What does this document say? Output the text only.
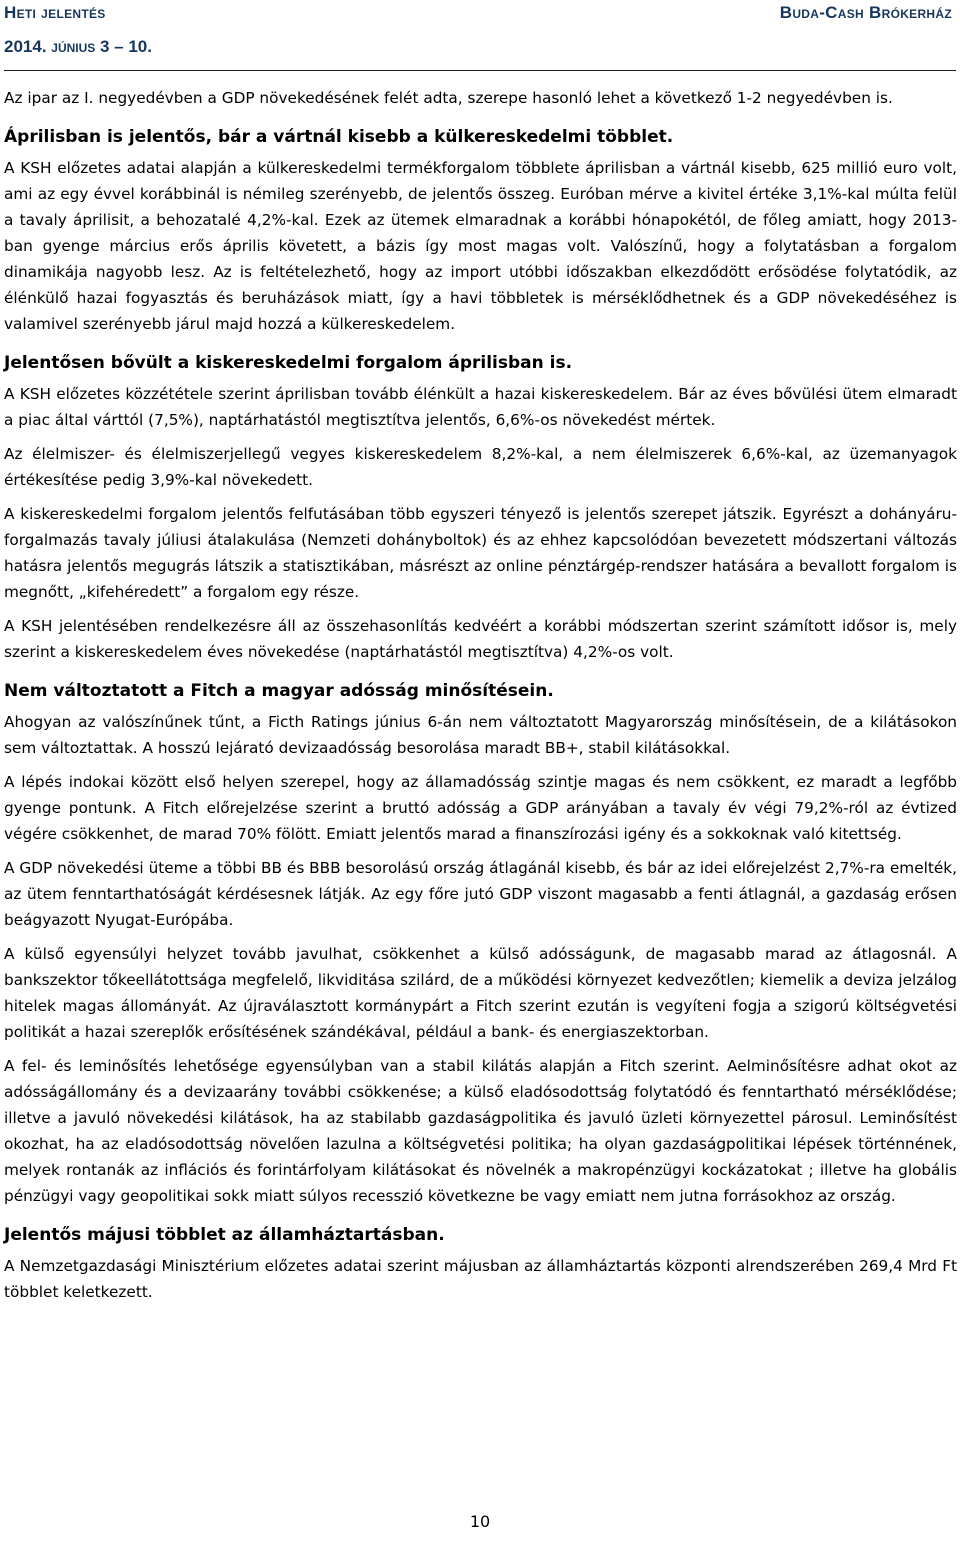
Heti jelentés
2014. június 3 – 10.
Buda-Cash Brókerház

Az ipar az I. negyedévben a GDP növekedésének felét adta, szerepe hasonló lehet a következő 1-2 negyedévben is.

Áprilisban is jelentős, bár a vártnál kisebb a külkereskedelmi többlet.

A KSH előzetes adatai alapján a külkereskedelmi termékforgalom többlete áprilisban a vártnál kisebb, 625 millió euro volt, ami az egy évvel korábbinál is némileg szerényebb, de jelentős összeg. Euróban mérve a kivitel értéke 3,1%-kal múlta felül a tavaly áprilisit, a behozatalé 4,2%-kal. Ezek az ütemek elmaradnak a korábbi hónapokétól, de főleg amiatt, hogy 2013-ban gyenge március erős április követett, a bázis így most magas volt. Valószínű, hogy a folytatásban a forgalom dinamikája nagyobb lesz. Az is feltételezhető, hogy az import utóbbi időszakban elkezdődött erősödése folytatódik, az élénkülő hazai fogyasztás és beruházások miatt, így a havi többletek is mérséklődhetnek és a GDP növekedéséhez is valamivel szerényebb járul majd hozzá a külkereskedelem.

Jelentősen bővült a kiskereskedelmi forgalom áprilisban is.

A KSH előzetes közzététele szerint áprilisban tovább élénkült a hazai kiskereskedelem. Bár az éves bővülési ütem elmaradt a piac által várttól (7,5%), naptárhatástól megtisztítva jelentős, 6,6%-os növekedést mértek.

Az élelmiszer- és élelmiszerjellegű vegyes kiskereskedelem 8,2%-kal, a nem élelmiszerek 6,6%-kal, az üzemanyagok értékesítése pedig 3,9%-kal növekedett.

A kiskereskedelmi forgalom jelentős felfutásában több egyszeri tényező is jelentős szerepet játszik. Egyrészt a dohányáru-forgalmazás tavaly júliusi átalakulása (Nemzeti dohányboltok) és az ehhez kapcsolódóan bevezetett módszertani változás hatásra jelentős megugrás látszik a statisztikában, másrészt az online pénztárgép-rendszer hatására a bevallott forgalom is megnőtt, „kifehéredett” a forgalom egy része.

A KSH jelentésében rendelkezésre áll az összehasonlítás kedvéért a korábbi módszertan szerint számított idősor is, mely szerint a kiskereskedelem éves növekedése (naptárhatástól megtisztítva) 4,2%-os volt.

Nem változtatott a Fitch a magyar adósság minősítésein.

Ahogyan az valószínűnek tűnt, a Ficth Ratings június 6-án nem változtatott Magyarország minősítésein, de a kilátásokon sem változtattak. A hosszú lejárató devizaadósság besorolása maradt BB+, stabil kilátásokkal.

A lépés indokai között első helyen szerepel, hogy az államadósság szintje magas és nem csökkent, ez maradt a legfőbb gyenge pontunk. A Fitch előrejelzése szerint a bruttó adósság a GDP arányában a tavaly év végi 79,2%-ról az évtized végére csökkenhet, de marad 70% fölött. Emiatt jelentős marad a finanszírozási igény és a sokkoknak való kitettség.

A GDP növekedési üteme a többi BB és BBB besorolású ország átlagánál kisebb, és bár az idei előrejelzést 2,7%-ra emelték, az ütem fenntarthatóságát kérdésesnek látják. Az egy főre jutó GDP viszont magasabb a fenti átlagnál, a gazdaság erősen beágyazott Nyugat-Európába.

A külső egyensúlyi helyzet tovább javulhat, csökkenhet a külső adósságunk, de magasabb marad az átlagosnál. A bankszektor tőkeellátottsága megfelelő, likviditása szilárd, de a működési környezet kedvezőtlen; kiemelik a deviza jelzálog hitelek magas állományát. Az újraválasztott kormánypárt a Fitch szerint ezután is vegyíteni fogja a szigorú költségvetési politikát a hazai szereplők erősítésének szándékával, például a bank- és energiaszektorban.

A fel- és leminősítés lehetősége egyensúlyban van a stabil kilátás alapján a Fitch szerint. Aelminősítésre adhat okot az adósságállomány és a devizaarány további csökkenése; a külső eladósodottság folytatódó és fenntartható mérséklődése; illetve a javuló növekedési kilátások, ha az stabilabb gazdaságpolitika és javuló üzleti környezettel párosul. Leminősítést okozhat, ha az eladósodottság növelően lazulna a költségvetési politika; ha olyan gazdaságpolitikai lépések történnének, melyek rontanák az inflációs és forintárfolyam kilátásokat és növelnék a makropénzügyi kockázatokat ; illetve ha globális pénzügyi vagy geopolitikai sokk miatt súlyos recesszió következne be vagy emiatt nem jutna forrásokhoz az ország.

Jelentős májusi többlet az államháztartásban.

A Nemzetgazdasági Minisztérium előzetes adatai szerint májusban az államháztartás központi alrendszerében 269,4 Mrd Ft többlet keletkezett.

10
